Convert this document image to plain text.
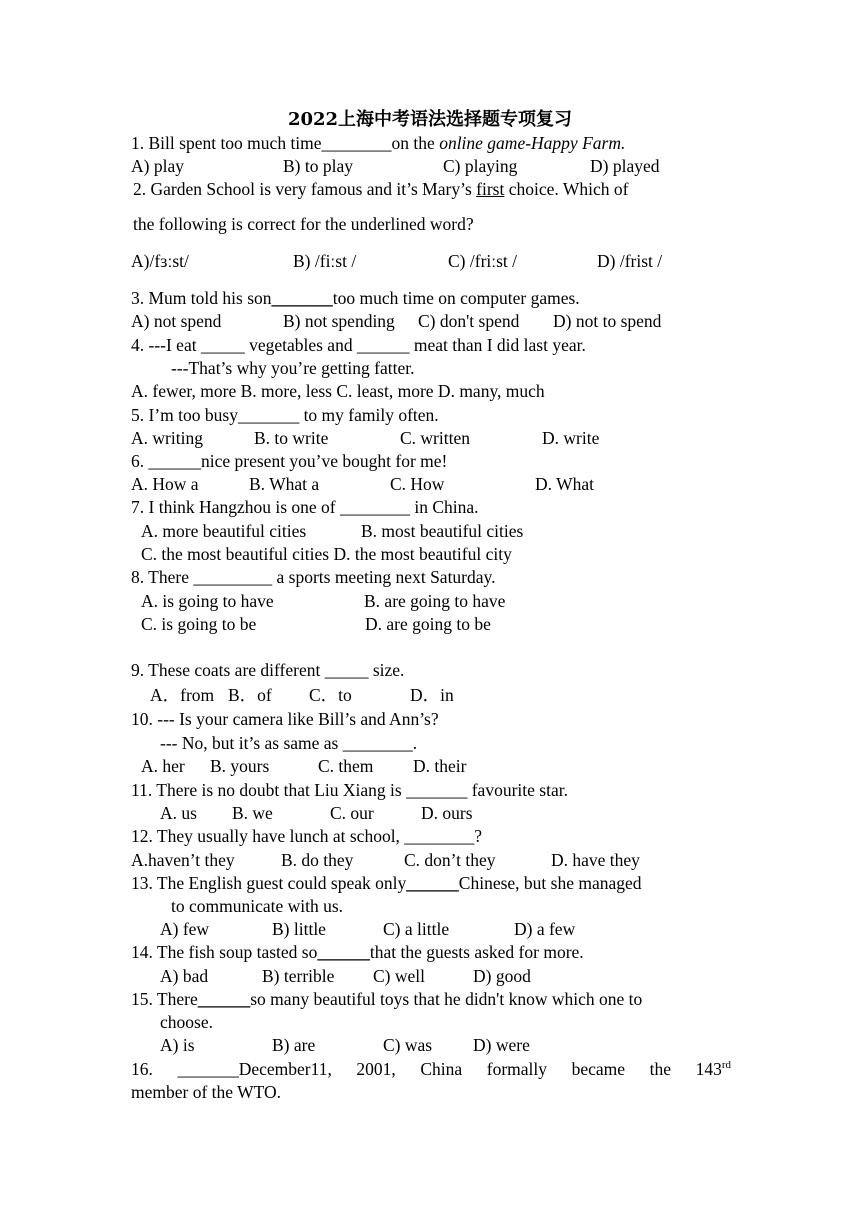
2022上海中考语法选择题专项复习
1. Bill spent too much time________on the online game-Happy Farm.
A) play	B) to play	C) playing	D) played
2. Garden School is very famous and it’s Mary’s first choice. Which of
the following is correct for the underlined word?
A)/fɜːst/	B) /fiːst /	C) /friːst /	D) /frist /
3. Mum told his son_______too much time on computer games.
A) not spend	B) not spending C) don't spend D) not to spend
4. ---I eat _____ vegetables and ______ meat than I did last year.
---That’s why you’re getting fatter.
A. fewer, more B. more, less C. least, more D. many, much
5. I’m too busy_______ to my family often.
A. writing	B. to write	C. written	D. write
6. ______nice present you’ve bought for me!
A. How a	B. What a	C. How	D. What
7. I think Hangzhou is one of ________ in China.
A. more beautiful cities	B. most beautiful cities
C. the most beautiful cities D. the most beautiful city
8. There _________ a sports meeting next Saturday.
A. is going to have	B. are going to have
C. is going to be	D. are going to be
9. These coats are different _____ size.
A．from B．of C．to	D．in
10. --- Is your camera like Bill’s and Ann’s?
--- No, but it’s as same as ________.
A. her B. yours	C. them D. their
11. There is no doubt that Liu Xiang is _______ favourite star.
A. us B. we	C. our	D. ours
12. They usually have lunch at school, ________?
A.haven’t they	B. do they	C. don’t they	D. have they
13. The English guest could speak only______Chinese, but she managed
to communicate with us.
A) few	B) little	C) a little	D) a few
14. The fish soup tasted so______that the guests asked for more.
A) bad	B) terrible C) well	D) good
15. There______so many beautiful toys that he didn't know which one to
choose.
A) is	B) are	C) was D) were
16. _______December11, 2001, China formally became the 143rd
member of the WTO.
